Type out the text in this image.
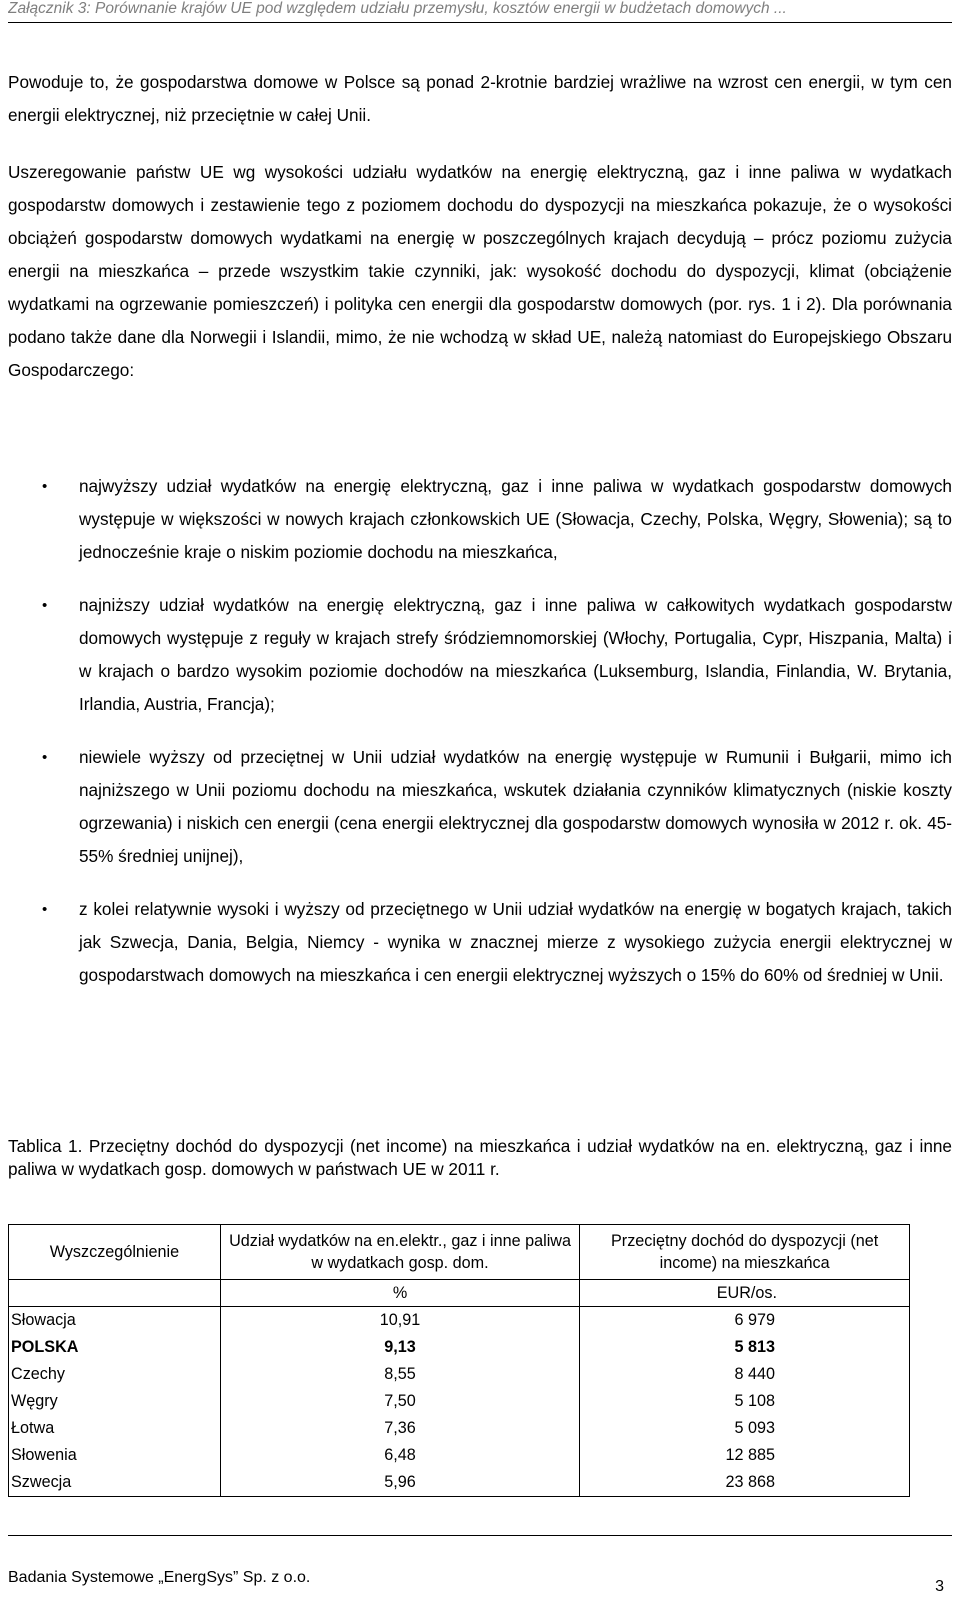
Załącznik 3: Porównanie krajów UE pod względem udziału przemysłu, kosztów energii w budżetach domowych ...

Powoduje to, że gospodarstwa domowe w Polsce są ponad 2-krotnie bardziej wrażliwe na wzrost cen energii, w tym cen energii elektrycznej, niż przeciętnie w całej Unii.

Uszeregowanie państw UE wg wysokości udziału wydatków na energię elektryczną, gaz i inne paliwa w wydatkach gospodarstw domowych i zestawienie tego z poziomem dochodu do dyspozycji na mieszkańca pokazuje, że o wysokości obciążeń gospodarstw domowych wydatkami na energię w poszczególnych krajach decydują – prócz poziomu zużycia energii na mieszkańca – przede wszystkim takie czynniki, jak: wysokość dochodu do dyspozycji, klimat (obciążenie wydatkami na ogrzewanie pomieszczeń) i polityka cen energii dla gospodarstw domowych (por. rys. 1 i 2). Dla porównania podano także dane dla Norwegii i Islandii, mimo, że nie wchodzą w skład UE, należą natomiast do Europejskiego Obszaru Gospodarczego:

• najwyższy udział wydatków na energię elektryczną, gaz i inne paliwa w wydatkach gospodarstw domowych występuje w większości w nowych krajach członkowskich UE (Słowacja, Czechy, Polska, Węgry, Słowenia); są to jednocześnie kraje o niskim poziomie dochodu na mieszkańca,
• najniższy udział wydatków na energię elektryczną, gaz i inne paliwa w całkowitych wydatkach gospodarstw domowych występuje z reguły w krajach strefy śródziemnomorskiej (Włochy, Portugalia, Cypr, Hiszpania, Malta) i w krajach o bardzo wysokim poziomie dochodów na mieszkańca (Luksemburg, Islandia, Finlandia, W. Brytania, Irlandia, Austria, Francja);
• niewiele wyższy od przeciętnej w Unii udział wydatków na energię występuje w Rumunii i Bułgarii, mimo ich najniższego w Unii poziomu dochodu na mieszkańca, wskutek działania czynników klimatycznych (niskie koszty ogrzewania) i niskich cen energii (cena energii elektrycznej dla gospodarstw domowych wynosiła w 2012 r. ok. 45-55% średniej unijnej),
• z kolei relatywnie wysoki i wyższy od przeciętnego w Unii udział wydatków na energię w bogatych krajach, takich jak Szwecja, Dania, Belgia, Niemcy - wynika w znacznej mierze z wysokiego zużycia energii elektrycznej w gospodarstwach domowych na mieszkańca i cen energii elektrycznej wyższych o 15% do 60% od średniej w Unii.

Tablica 1. Przeciętny dochód do dyspozycji (net income) na mieszkańca i udział wydatków na en. elektryczną, gaz i inne paliwa w wydatkach gosp. domowych w państwach UE w 2011 r.

Wyszczególnienie	Udział wydatków na en.elektr., gaz i inne paliwa w wydatkach gosp. dom.	Przeciętny dochód do dyspozycji (net income) na mieszkańca
	%	EUR/os.
Słowacja	10,91	6 979
POLSKA	9,13	5 813
Czechy	8,55	8 440
Węgry	7,50	5 108
Łotwa	7,36	5 093
Słowenia	6,48	12 885
Szwecja	5,96	23 868
Badania Systemowe „EnergSys” Sp. z o.o.
3
